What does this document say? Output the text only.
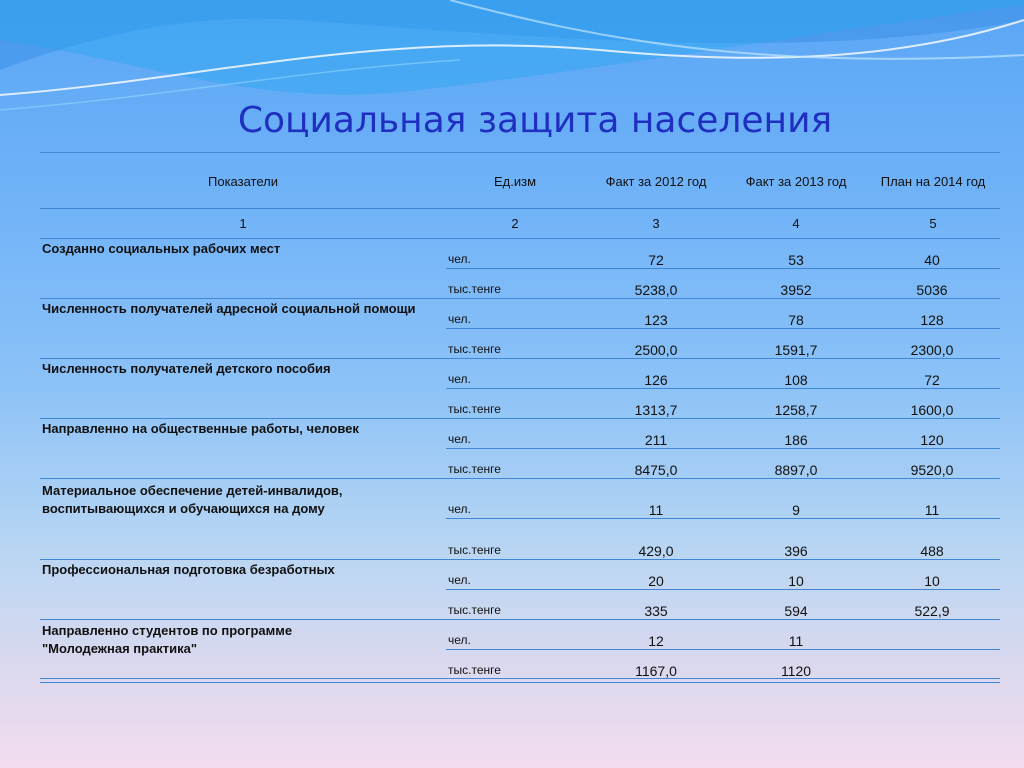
Социальная защита населения
Показатели	Ед.изм	Факт за 2012 год	Факт за 2013 год	План на 2014 год
1	2	3	4	5
Созданно социальных рабочих мест
чел.	72	53	40
тыс.тенге	5238,0	3952	5036
Численность получателей адресной социальной помощи
чел.	123	78	128
тыс.тенге	2500,0	1591,7	2300,0
Численность получателей детского пособия
чел.	126	108	72
тыс.тенге	1313,7	1258,7	1600,0
Направленно на общественные работы, человек
чел.	211	186	120
тыс.тенге	8475,0	8897,0	9520,0
Материальное обеспечение детей-инвалидов, воспитывающихся и обучающихся на дому	чел.	11	9	11
тыс.тенге	429,0	396	488
Профессиональная подготовка безработных
чел.	20	10	10
тыс.тенге	335	594	522,9
Направленно студентов по программе "Молодежная практика"
чел.	12	11
тыс.тенге	1167,0	1120
